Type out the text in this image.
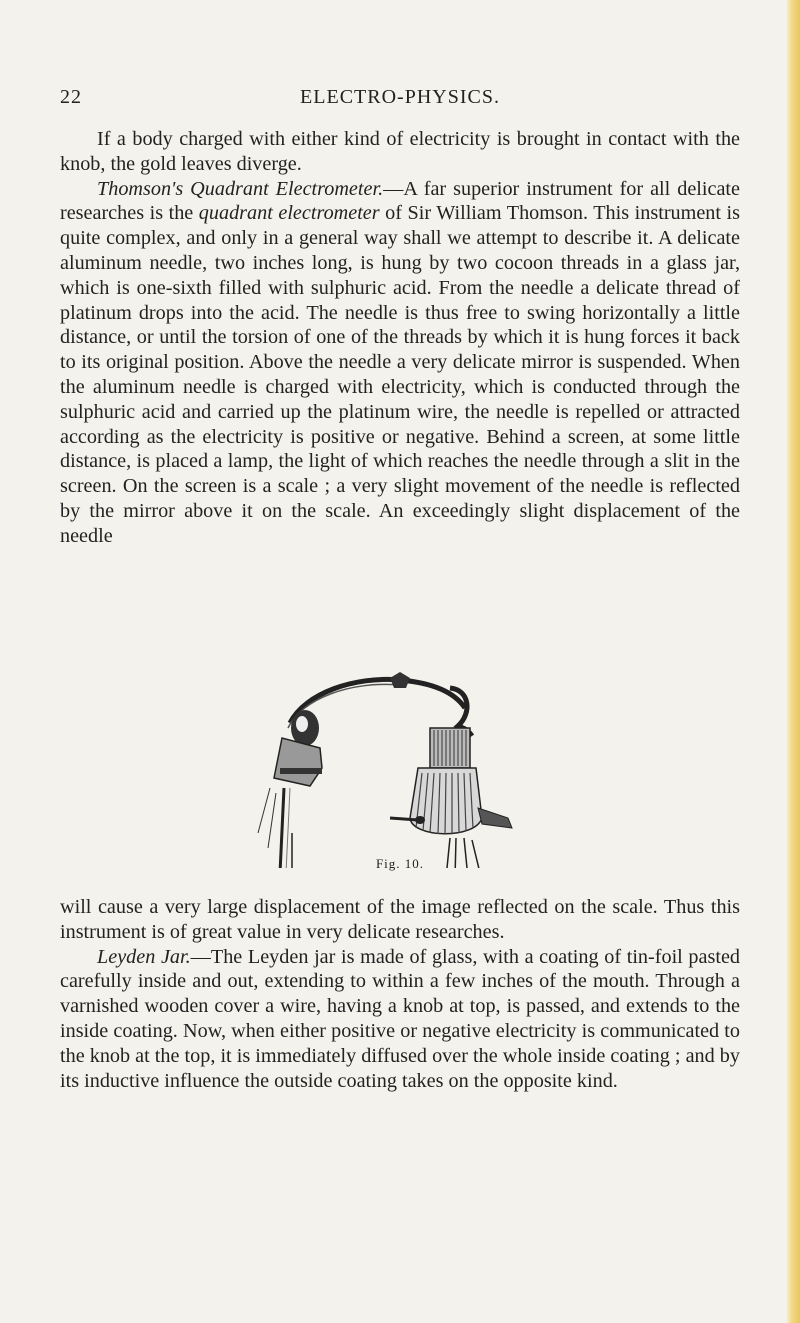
22	ELECTRO-PHYSICS.

If a body charged with either kind of electricity is brought in contact with the knob, the gold leaves diverge.

Thomson's Quadrant Electrometer.—A far superior instrument for all delicate researches is the quadrant electrometer of Sir William Thomson. This instrument is quite complex, and only in a general way shall we attempt to describe it. A delicate aluminum needle, two inches long, is hung by two cocoon threads in a glass jar, which is one-sixth filled with sulphuric acid. From the needle a delicate thread of platinum drops into the acid. The needle is thus free to swing horizontally a little distance, or until the torsion of one of the threads by which it is hung forces it back to its original position. Above the needle a very delicate mirror is suspended. When the aluminum needle is charged with electricity, which is conducted through the sulphuric acid and carried up the platinum wire, the needle is repelled or attracted according as the electricity is positive or negative. Behind a screen, at some little distance, is placed a lamp, the light of which reaches the needle through a slit in the screen. On the screen is a scale ; a very slight movement of the needle is reflected by the mirror above it on the scale. An exceedingly slight displacement of the needle

Fig. 10.

will cause a very large displacement of the image reflected on the scale. Thus this instrument is of great value in very delicate researches.

Leyden Jar.—The Leyden jar is made of glass, with a coating of tin-foil pasted carefully inside and out, extending to within a few inches of the mouth. Through a varnished wooden cover a wire, having a knob at top, is passed, and extends to the inside coating. Now, when either positive or negative electricity is communicated to the knob at the top, it is immediately diffused over the whole inside coating ; and by its inductive influence the outside coating takes on the opposite kind.
